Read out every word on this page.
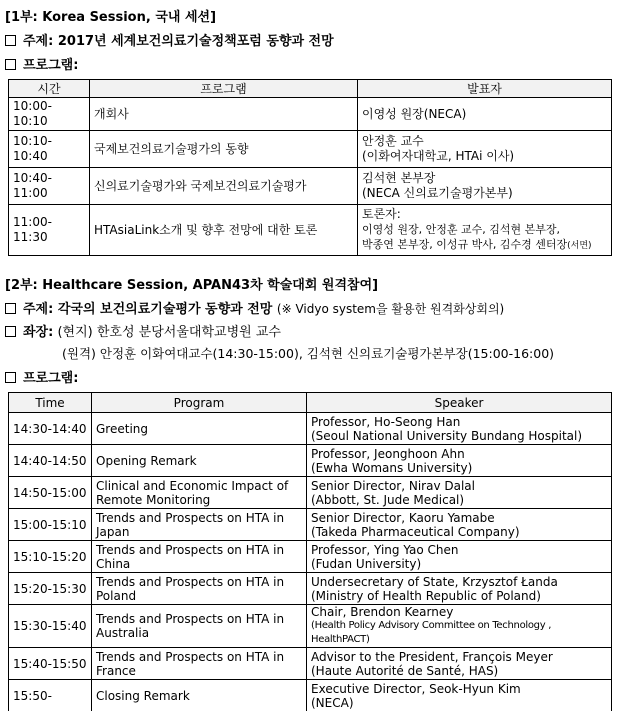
[1부: Korea Session, 국내 세션]
주제: 2017년 세계보건의료기술정책포럼 동향과 전망
프로그램:
시간	프로그램	발표자
10:00-10:10	개회사	이영성 원장(NECA)
10:10-10:40	국제보건의료기술평가의 동향	안정훈 교수
(이화여자대학교, HTAi 이사)

10:40-11:00	신의료기술평가와 국제보건의료기술평가	김석현 본부장
(NECA 신의료기술평가본부)

11:00-11:30	HTAsiaLink소개 및 향후 전망에 대한 토론	토론자:
이영성 원장, 안정훈 교수, 김석현 본부장,
박종연 본부장, 이성규 박사, 김수경 센터장(서면)
[2부: Healthcare Session, APAN43차 학술대회 원격참여]
주제: 각국의 보건의료기술평가 동향과 전망 (※ Vidyo system을 활용한 원격화상회의)
좌장: (현지) 한호성 분당서울대학교병원 교수
(원격) 안정훈 이화여대교수(14:30-15:00), 김석현 신의료기술평가본부장(15:00-16:00)
프로그램:
Time	Program	Speaker
14:30-14:40	Greeting	Professor, Ho-Seong Han
(Seoul National University Bundang Hospital)

14:40-14:50	Opening Remark	Professor, Jeonghoon Ahn
(Ewha Womans University)

14:50-15:00	Clinical and Economic Impact of
Remote Monitoring	Senior Director, Nirav Dalal
(Abbott, St. Jude Medical)

15:00-15:10	Trends and Prospects on HTA in
Japan	Senior Director, Kaoru Yamabe
(Takeda Pharmaceutical Company)

15:10-15:20	Trends and Prospects on HTA in
China	Professor, Ying Yao Chen
(Fudan University)

15:20-15:30	Trends and Prospects on HTA in
Poland	Undersecretary of State, Krzysztof Łanda
(Ministry of Health Republic of Poland)

15:30-15:40	Trends and Prospects on HTA in
Australia	Chair, Brendon Kearney
(Health Policy Advisory Committee on Technology , HealthPACT)

15:40-15:50	Trends and Prospects on HTA in
France	Advisor to the President, François Meyer
(Haute Autorité de Santé, HAS)

15:50-	Closing Remark	Executive Director, Seok-Hyun Kim
(NECA)
